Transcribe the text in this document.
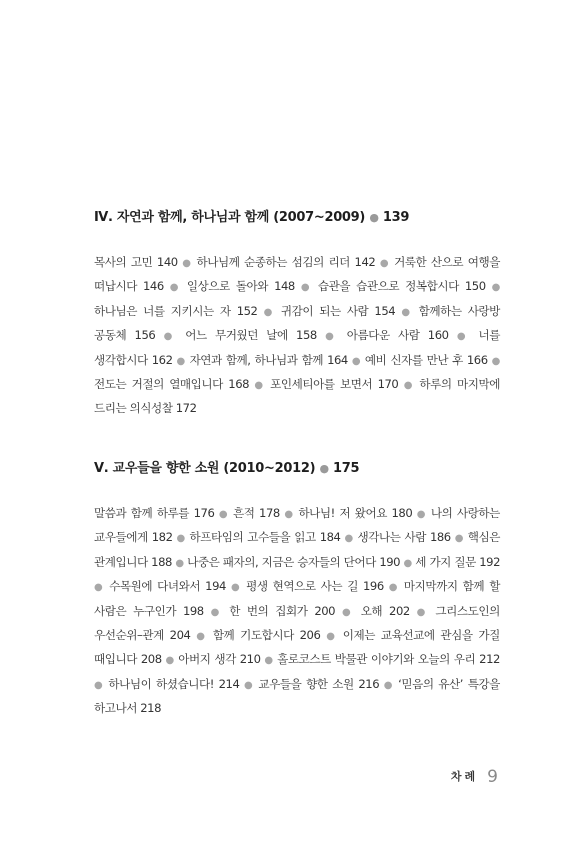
Ⅳ. 자연과 함께, 하나님과 함께 (2007~2009) ● 139
목사의 고민 140 ● 하나님께 순종하는 섬김의 리더 142 ● 거룩한 산으로 여행을 떠납시다 146 ● 일상으로 돌아와 148 ● 습관을 습관으로 정복합시다 150 ● 하나님은 너를 지키시는 자 152 ● 귀감이 되는 사람 154 ● 함께하는 사랑방 공동체 156 ● 어느 무거웠던 날에 158 ● 아름다운 사람 160 ● 너를 생각합시다 162 ● 자연과 함께, 하나님과 함께 164 ● 예비 신자를 만난 후 166 ● 전도는 거절의 열매입니다 168 ● 포인세티아를 보면서 170 ● 하루의 마지막에 드리는 의식성찰 172
Ⅴ. 교우들을 향한 소원 (2010~2012) ● 175
말씀과 함께 하루를 176 ● 흔적 178 ● 하나님! 저 왔어요 180 ● 나의 사랑하는 교우들에게 182 ● 하프타임의 고수들을 읽고 184 ● 생각나는 사람 186 ● 핵심은 관계입니다 188 ● 나중은 패자의, 지금은 승자들의 단어다 190 ● 세 가지 질문 192 ● 수목원에 다녀와서 194 ● 평생 현역으로 사는 길 196 ● 마지막까지 함께 할 사람은 누구인가 198 ● 한 번의 집회가 200 ● 오해 202 ● 그리스도인의 우선순위–관계 204 ● 함께 기도합시다 206 ● 이제는 교육선교에 관심을 가질 때입니다 208 ● 아버지 생각 210 ● 홀로코스트 박물관 이야기와 오늘의 우리 212 ● 하나님이 하셨습니다! 214 ● 교우들을 향한 소원 216 ● ‘믿음의 유산’ 특강을 하고나서 218
차례 9
